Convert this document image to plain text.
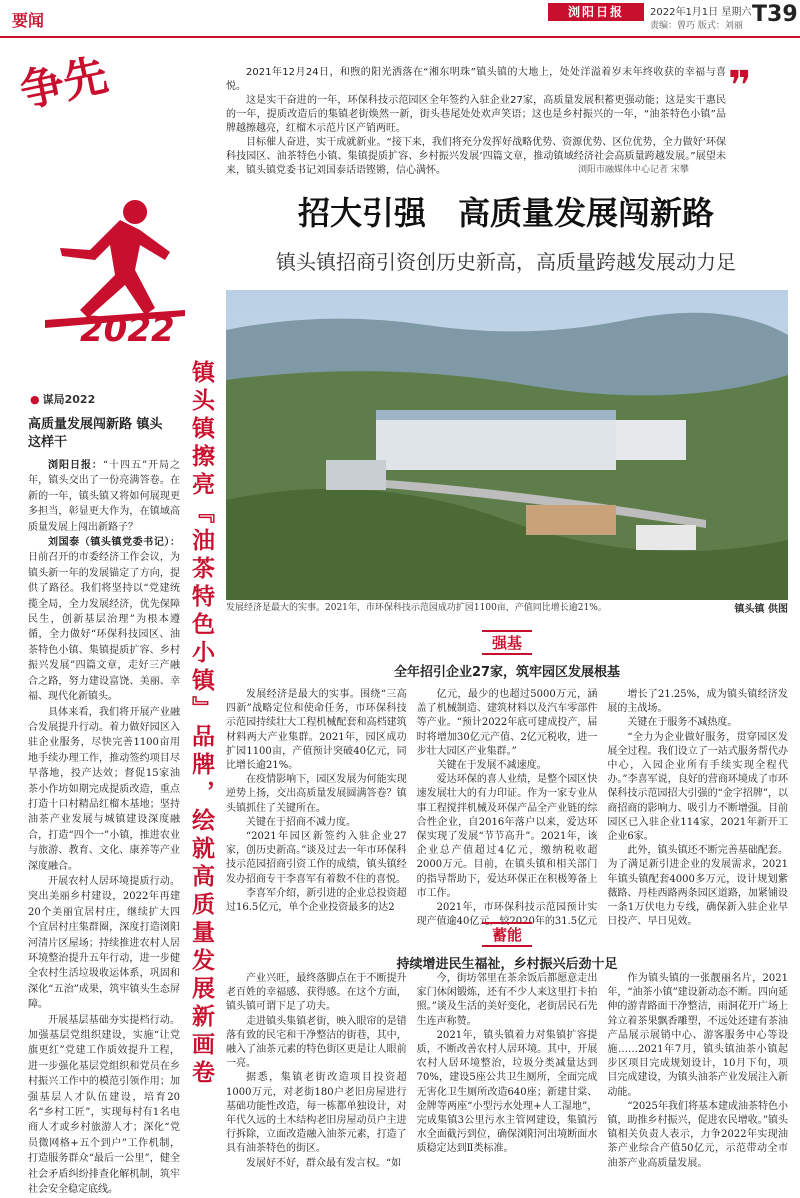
要闻	浏阳日报	2022年1月1日 星期六
责编：曾巧 版式：刘丽 T39
争先
2022
● 谋局2022
高质量发展闯新路 镇头这样干

浏阳日报：“十四五”开局之年，镇头交出了一份亮满答卷。在新的一年，镇头镇又将如何展现更多担当，彰显更大作为，在镇域高质量发展上闯出新路子？

刘国泰（镇头镇党委书记）：日前召开的市委经济工作会议，为镇头新一年的发展锚定了方向，提供了路径。我们将坚持以“党建统揽全局，全力发展经济，优先保障民生，创新基层治理”为根本遵循，全力做好“环保科技园区、油茶特色小镇、集镇提质扩容、乡村振兴发展”四篇文章，走好三产融合之路，努力建设富饶、美丽、幸福、现代化新镇头。

具体来看，我们将开展产业融合发展提升行动。着力做好园区入驻企业服务，尽快完善1100亩用地手续办理工作，推动签约项目尽早落地，投产达效；督促15家油茶小作坊如期完成提质改造，重点打造十口村精品红榴木基地；坚持油茶产业发展与城镇建设深度融合，打造“四个一”小镇，推进农业与旅游、教育、文化、康养等产业深度融合。

开展农村人居环境提质行动。突出美丽乡村建设，2022年再建20个美丽宜居村庄，继续扩大四个宜居村庄集群圈，深度打造浏阳河清片区屋场；持续推进农村人居环境整治提升五年行动，进一步健全农村生活垃圾收运体系，巩固和深化“五治”成果，筑牢镇头生态屏障。

开展基层基础夯实提档行动。加强基层党组织建设，实施“让党旗更红”党建工作质效提升工程，进一步强化基层党组织和党员在乡村振兴工作中的模范引领作用；加强基层人才队伍建设，培育20名“乡村工匠”，实现每村有1名电商人才或乡村旅游人才；深化“党员微网格+五个到户”工作机制，打造服务群众“最后一公里”，健全社会矛盾纠纷排查化解机制，筑牢社会安全稳定底线。

镇头镇擦亮『油茶特色小镇』品牌，绘就高质量发展新画卷

2021年12月24日，和煦的阳光洒落在“湘东明珠”镇头镇的大地上，处处洋溢着岁末年终收获的幸福与喜悦。

这是实干奋进的一年，环保科技示范园区全年签约入驻企业27家，高质量发展积蓄更强动能；这是实干惠民的一年，提质改造后的集镇老街焕然一新，街头巷尾处处欢声笑语；这也是乡村振兴的一年，“油茶特色小镇”品牌越擦越亮，红榴木示范片区产销两旺。

目标催人奋进，实干成就新业。“接下来，我们将充分发挥好战略优势、资源优势、区位优势，全力做好‘环保科技园区、油茶特色小镇、集镇提质扩容、乡村振兴发展’四篇文章，推动镇域经济社会高质量跨越发展。”展望未来，镇头镇党委书记刘国泰话语铿锵，信心满怀。

❞
浏阳市融媒体中心记者 宋攀
招大引强　高质量发展闯新路
镇头镇招商引资创历史新高，高质量跨越发展动力足
发展经济是最大的实事。2021年，市环保科技示范园成功扩园1100亩，产值同比增长逾21%。	镇头镇 供图
强基
全年招引企业27家，筑牢园区发展根基

发展经济是最大的实事。围绕“三高四新”战略定位和使命任务，市环保科技示范园持续壮大工程机械配套和高档建筑材料两大产业集群。2021年，园区成功扩园1100亩，产值预计突破40亿元，同比增长逾21%。

在疫情影响下，园区发展为何能实现逆势上扬，交出高质量发展圆满答卷？镇头镇抓住了关键所在。

关键在于招商不减力度。

“2021年园区新签约入驻企业27家，创历史新高。”谈及过去一年市环保科技示范园招商引资工作的成绩，镇头镇经发办招商专干李喜军有着数不住的喜悦。

李喜军介绍，新引进的企业总投资超过16.5亿元，单个企业投资最多的达2

亿元，最少的也超过5000万元，涵盖了机械制造、建筑材料以及汽车零部件等产业。“预计2022年底可建成投产，届时将增加30亿元产值、2亿元税收，进一步壮大园区产业集群。”

关键在于发展不减速度。

爱达环保的喜人业绩，是整个园区快速发展壮大的有力印证。作为一家专业从事工程搅拌机械及环保产品全产业链的综合性企业，自2016年落户以来，爱达环保实现了发展“节节高升”。2021年，该企业总产值超过4亿元，缴纳税收超2000万元。目前，在镇头镇和相关部门的指导帮助下，爱达环保正在积极筹备上市工作。

2021年，市环保科技示范园预计实现产值逾40亿元，较2020年的31.5亿元

增长了21.25%，成为镇头镇经济发展的主战场。

关键在于服务不减热度。

“全力为企业做好服务，贯穿园区发展全过程。我们设立了一站式服务帮代办中心，入园企业所有手续实现全程代办。”李喜军说，良好的营商环境成了市环保科技示范园招大引强的“金字招牌”，以商招商的影响力、吸引力不断增强。目前园区已入驻企业114家，2021年新开工企业6家。

此外，镇头镇还不断完善基础配套。为了满足新引进企业的发展需求，2021年镇头镇配套4000多万元，设计规划紫薇路、丹桂西路两条园区道路，加紧铺设一条1万伏电力专线，确保新入驻企业早日投产、早日见效。

蓄能
持续增进民生福祉，乡村振兴后劲十足

产业兴旺，最终落脚点在于不断提升老百姓的幸福感、获得感。在这个方面，镇头镇可谓下足了功夫。

走进镇头集镇老街，映入眼帘的是错落有致的民宅和干净整洁的街巷，其中，融入了油茶元素的特色街区更是让人眼前一亮。

据悉，集镇老街改造项目投资超1000万元，对老街180户老旧房屋进行基础功能性改造，每一栋都单独设计，对年代久远的土木结构老旧房屋动员户主进行拆除，立面改造融入油茶元素，打造了具有油茶特色的街区。

发展好不好，群众最有发言权。“如

今，街坊邻里在茶余饭后都愿意走出家门休闲锻炼，还有不少人来这里打卡拍照。”谈及生活的美好变化，老街居民石先生连声称赞。

2021年，镇头镇着力对集镇扩容提质，不断改善农村人居环境。其中，开展农村人居环境整治，垃圾分类减量达到70%，建设5座公共卫生厕所，全面完成无害化卫生厕所改造640座；新建甘棠、金牌等两座“小型污水处理+人工湿地”，完成集镇3公里污水主管网建设，集镇污水全面截污到位，确保浏阳河出境断面水质稳定达到Ⅱ类标准。

作为镇头镇的一张靓丽名片，2021年，“油茶小镇”建设新动态不断。四向延伸的游青路面干净整洁，雨洞花开广场上耸立着茶果飘香雕塑，不远处还建有茶油产品展示展销中心、游客服务中心等设施……2021年7月，镇头镇油茶小镇起步区项目完成规划设计，10月下旬，项目完成建设，为镇头油茶产业发展注入新动能。

“2025年我们将基本建成油茶特色小镇，助推乡村振兴，促进农民增收。”镇头镇相关负责人表示，力争2022年实现油茶产业综合产值50亿元，示范带动全市油茶产业高质量发展。
